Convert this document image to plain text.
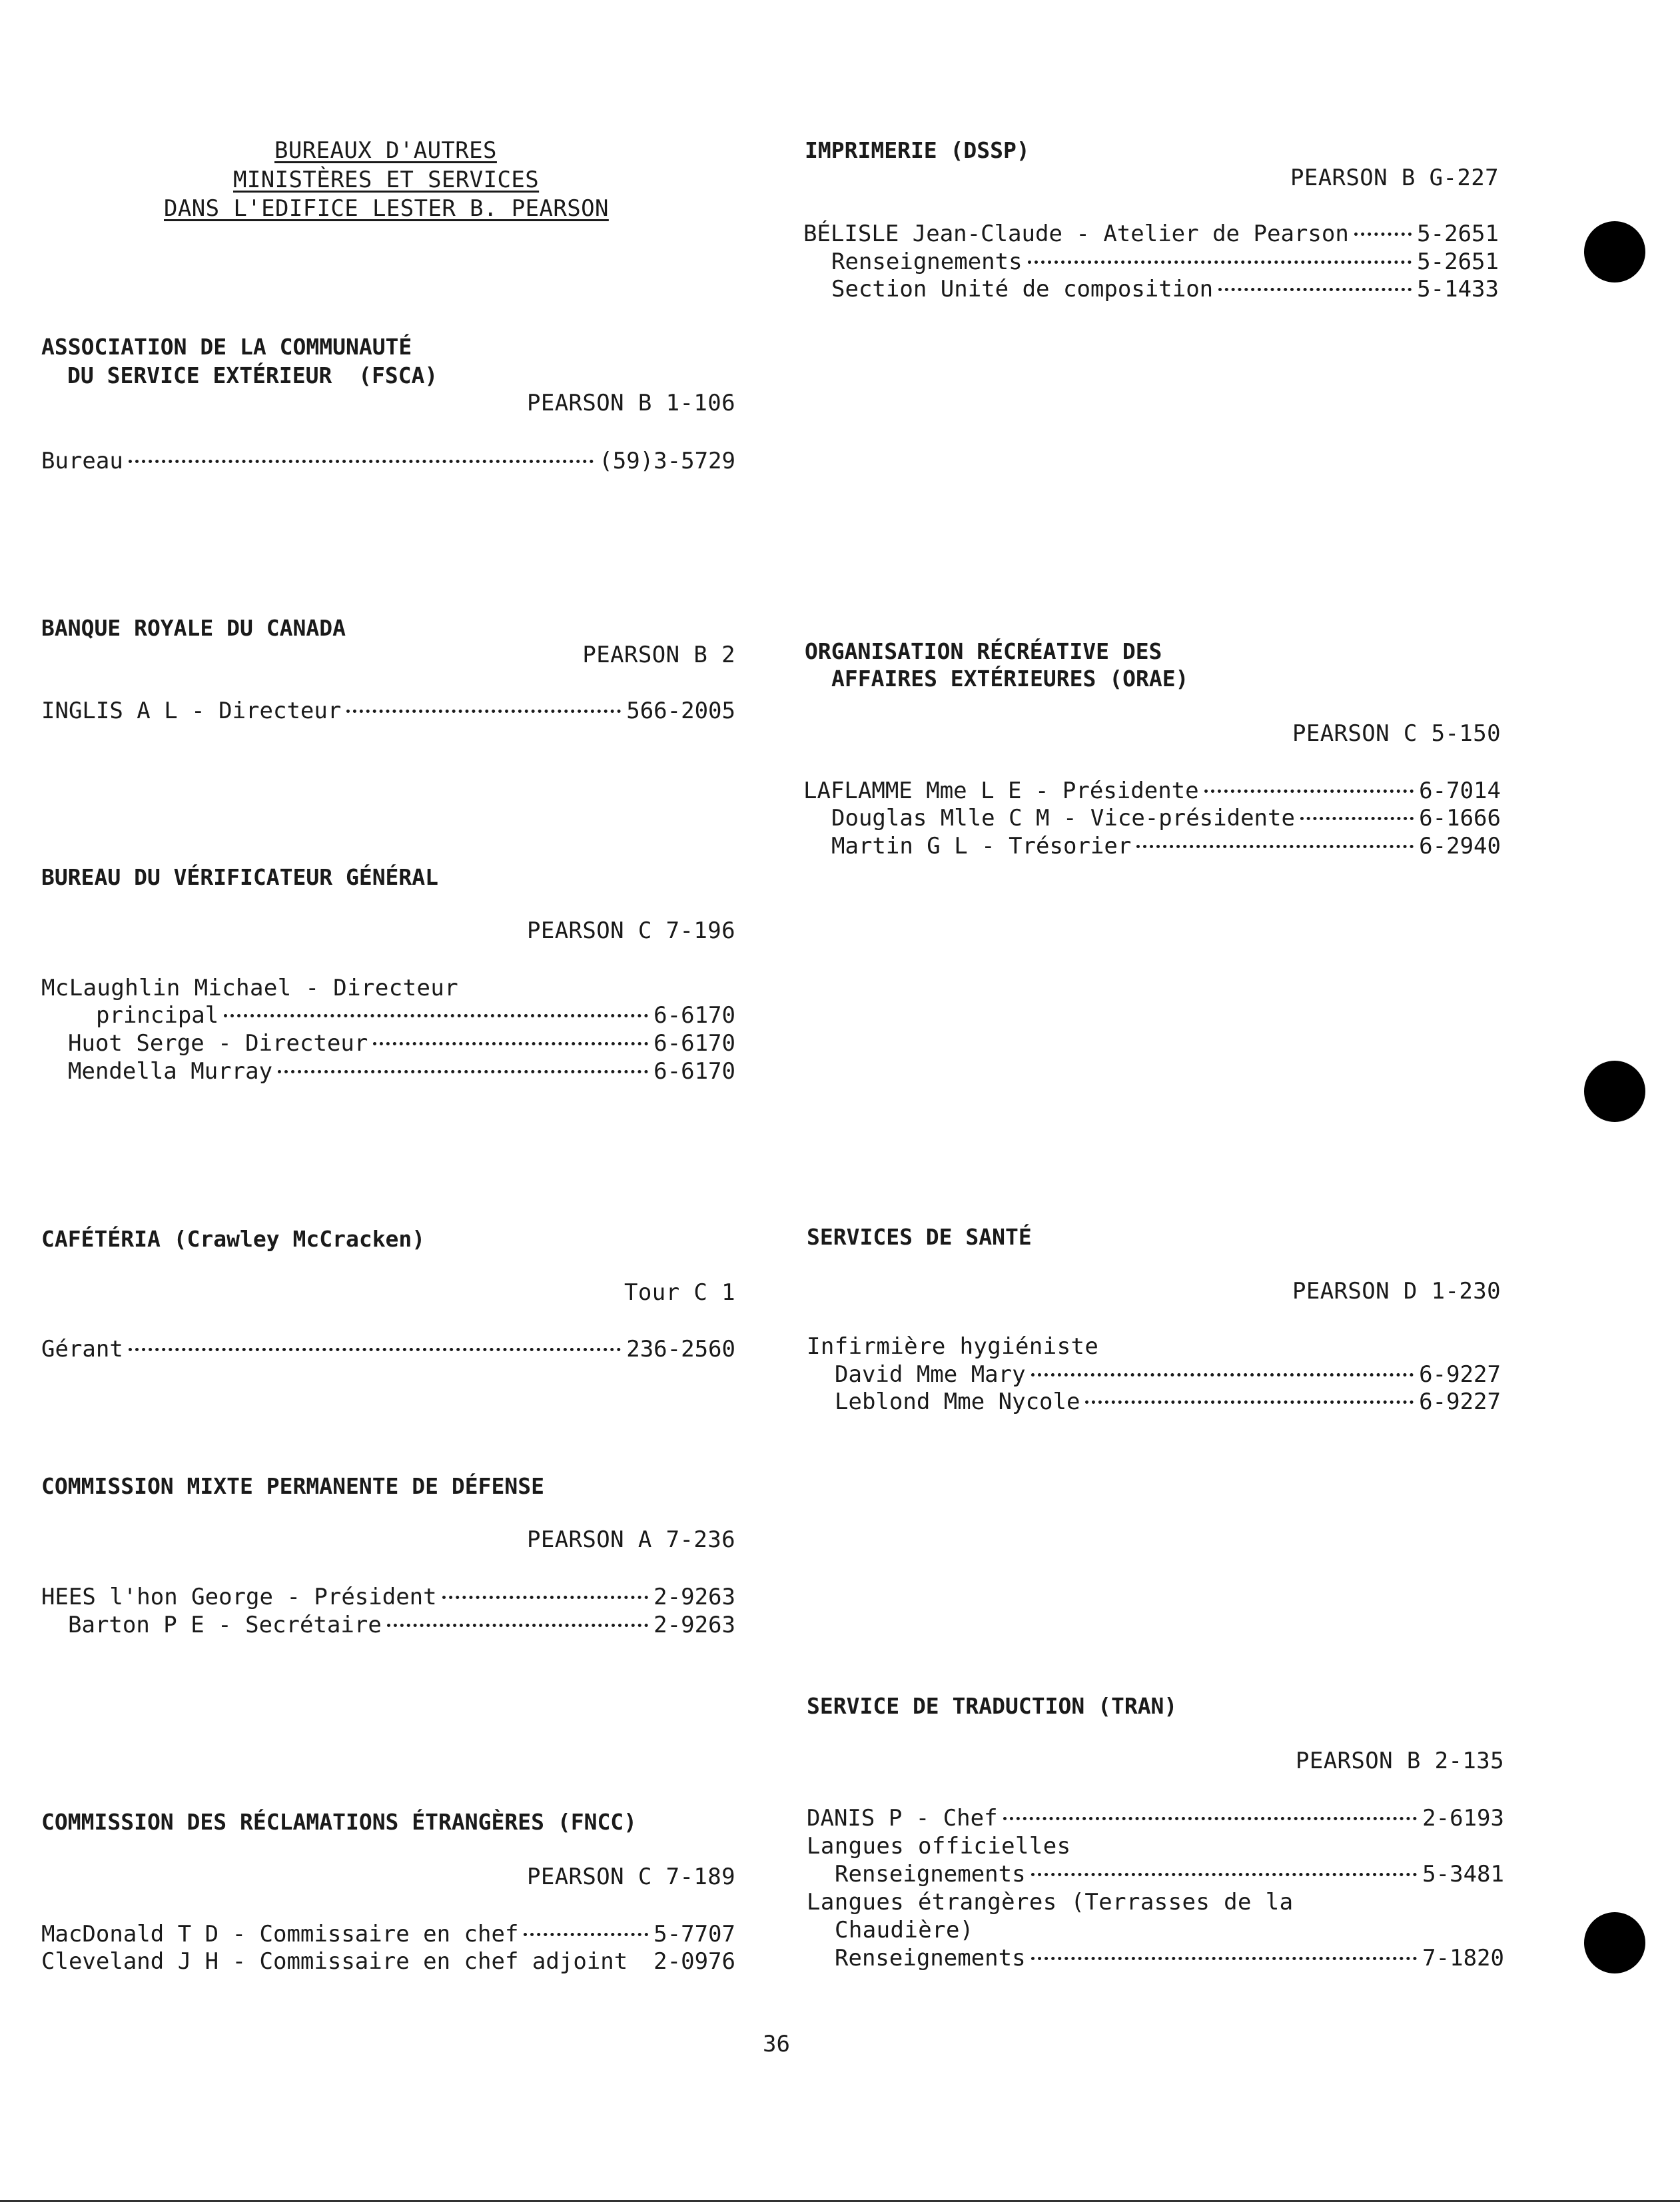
BUREAUX D'AUTRES
MINISTÈRES ET SERVICES
DANS L'EDIFICE LESTER B. PEARSON
ASSOCIATION DE LA COMMUNAUTÉ
DU SERVICE EXTÉRIEUR  (FSCA)
PEARSON B 1-106
Bureau	(59)3-5729
BANQUE ROYALE DU CANADA
PEARSON B 2
INGLIS A L - Directeur	566-2005
BUREAU DU VÉRIFICATEUR GÉNÉRAL
PEARSON C 7-196
McLaughlin Michael - Directeur
principal	6-6170
Huot Serge - Directeur	6-6170
Mendella Murray	6-6170
CAFÉTÉRIA (Crawley McCracken)
Tour C 1
Gérant	236-2560
COMMISSION MIXTE PERMANENTE DE DÉFENSE
PEARSON A 7-236
HEES l'hon George - Président	2-9263
Barton P E - Secrétaire	2-9263
COMMISSION DES RÉCLAMATIONS ÉTRANGÈRES (FNCC)
PEARSON C 7-189
MacDonald T D - Commissaire en chef	5-7707
Cleveland J H - Commissaire en chef adjoint 2-0976
IMPRIMERIE (DSSP)
PEARSON B G-227
BÉLISLE Jean-Claude - Atelier de Pearson	5-2651
Renseignements	5-2651
Section Unité de composition	5-1433
ORGANISATION RÉCRÉATIVE DES
AFFAIRES EXTÉRIEURES (ORAE)
PEARSON C 5-150
LAFLAMME Mme L E - Présidente	6-7014
Douglas Mlle C M - Vice-présidente	6-1666
Martin G L - Trésorier	6-2940
SERVICES DE SANTÉ
PEARSON D 1-230
Infirmière hygiéniste
David Mme Mary	6-9227
Leblond Mme Nycole	6-9227
SERVICE DE TRADUCTION (TRAN)
PEARSON B 2-135
DANIS P - Chef	2-6193
Langues officielles
Renseignements	5-3481
Langues étrangères (Terrasses de la
Chaudière)
Renseignements	7-1820
36
